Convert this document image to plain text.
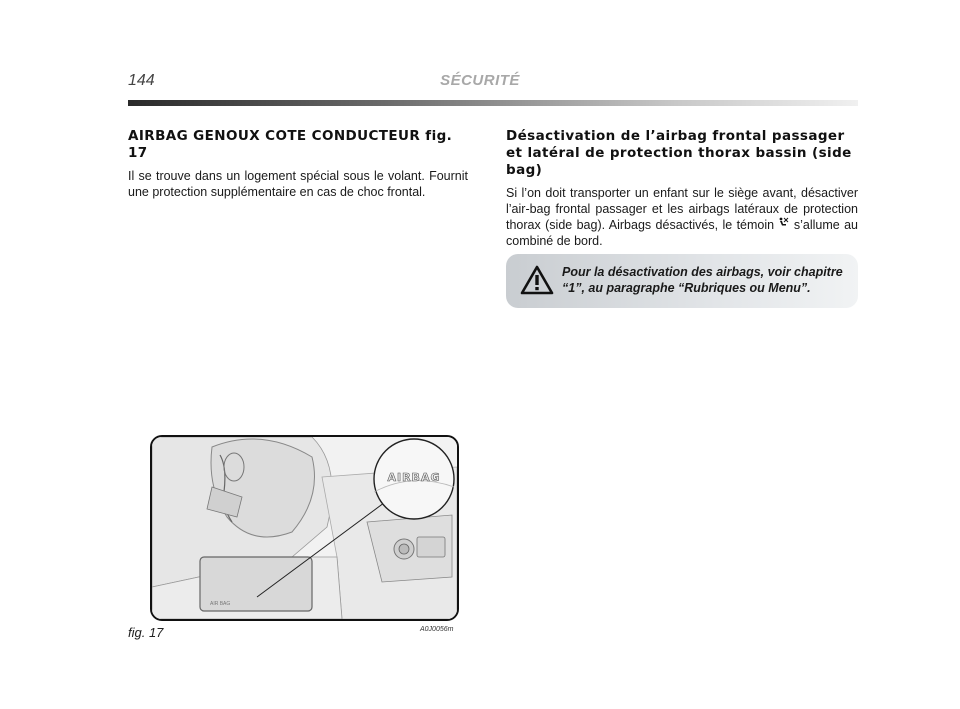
144	SÉCURITÉ
AIRBAG GENOUX COTE CONDUCTEUR fig. 17

Il se trouve dans un logement spécial sous le volant. Fournit une protection supplémentaire en cas de choc frontal.

Désactivation de l’airbag frontal passager et latéral de protection thorax bassin (side bag)

Si l’on doit transporter un enfant sur le siège avant, désactiver l’air-bag frontal passager et les airbags latéraux de protection thorax (side bag). Airbags désactivés, le témoin  s’allume au combiné de bord.

Pour la désactivation des airbags, voir chapitre “1”, au paragraphe “Rubriques ou Menu”.
AIR BAG
AIRBAG
fig. 17	A0J0056m
